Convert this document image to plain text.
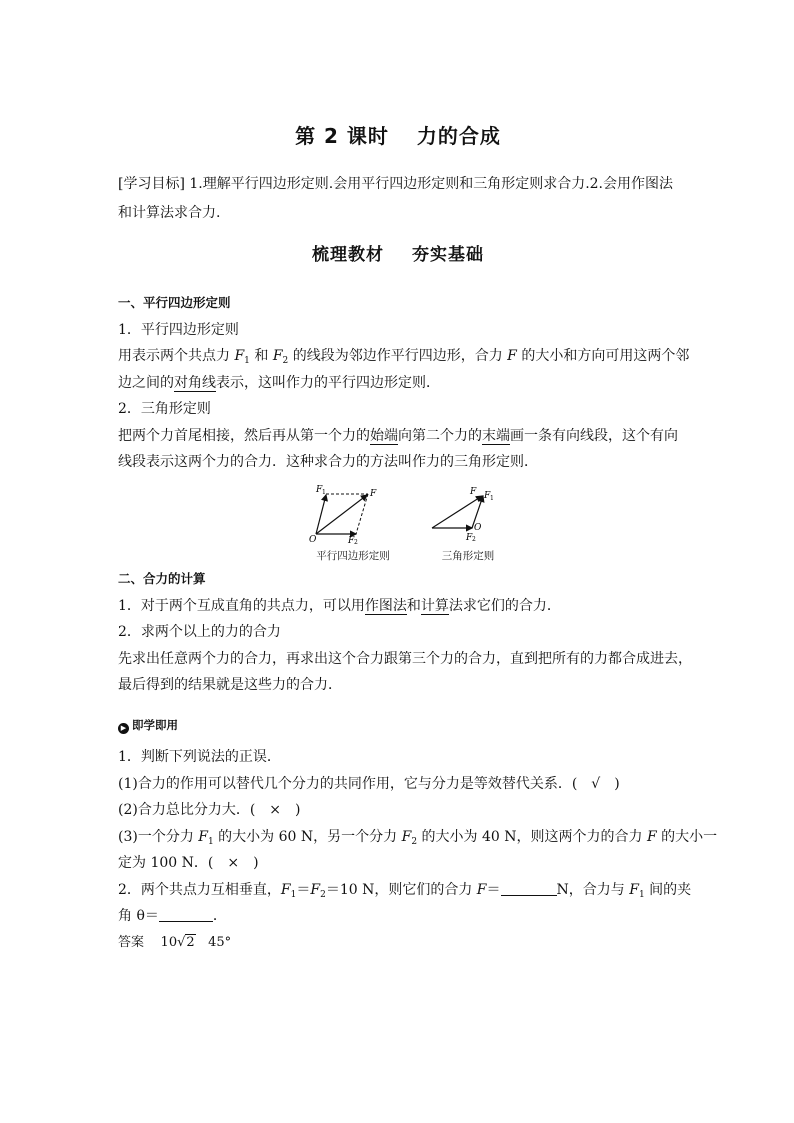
第 2 课时 力的合成
[学习目标] 1.理解平行四边形定则.会用平行四边形定则和三角形定则求合力.2.会用作图法和计算法求合力.
梳理教材 夯实基础
一、平行四边形定则
1．平行四边形定则
用表示两个共点力 $F_1$ 和 $F_2$ 的线段为邻边作平行四边形，合力 F 的大小和方向可用这两个邻
边之间的对角线表示，这叫作力的平行四边形定则．
2．三角形定则
把两个力首尾相接，然后再从第一个力的始端向第二个力的末端画一条有向线段，这个有向
线段表示这两个力的合力．这种求合力的方法叫作力的三角形定则．
F 1	F
O	F 2
平行四边形定则
F F 1
O
F 2
三角形定则
二、合力的计算
1．对于两个互成直角的共点力，可以用作图法和计算法求它们的合力．
2．求两个以上的力的合力
先求出任意两个力的合力，再求出这个合力跟第三个力的合力，直到把所有的力都合成进去，
最后得到的结果就是这些力的合力．
▶ 即学即用
1．判断下列说法的正误．
(1)合力的作用可以替代几个分力的共同作用，它与分力是等效替代关系．(　√　)
(2)合力总比分力大．(　×　)
(3)一个分力 $F_1$ 的大小为 60 N，另一个分力 $F_2$ 的大小为 40 N，则这两个力的合力 F 的大小一
定为 100 N．(　×　)
2．两个共点力互相垂直，$F_1=F_2=10$ N，则它们的合力 F＝	N，合力与 $F_1$ 间的夹
角 θ＝	．
答案 10√2 45°
